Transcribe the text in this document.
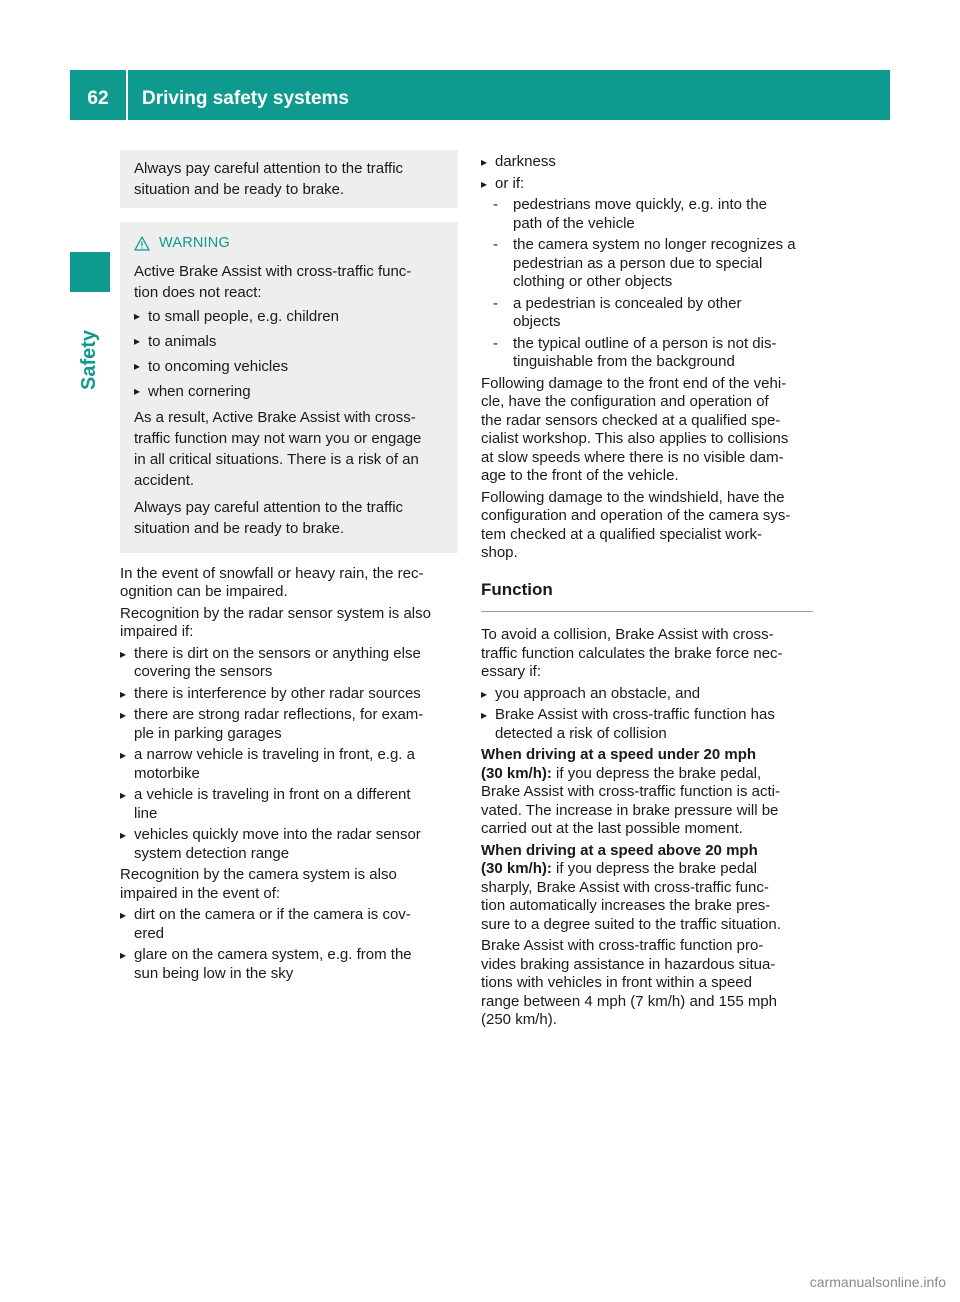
62	Driving safety systems
Safety

Always pay careful attention to the traffic
situation and be ready to brake.

WARNING

Active Brake Assist with cross-traffic func-
tion does not react:

▸ to small people, e.g. children
▸ to animals
▸ to oncoming vehicles
▸ when cornering

As a result, Active Brake Assist with cross-
traffic function may not warn you or engage
in all critical situations. There is a risk of an
accident.

Always pay careful attention to the traffic
situation and be ready to brake.

In the event of snowfall or heavy rain, the rec-
ognition can be impaired.

Recognition by the radar sensor system is also
impaired if:

▸ there is dirt on the sensors or anything else
covering the sensors
▸ there is interference by other radar sources
▸ there are strong radar reflections, for exam-
ple in parking garages
▸ a narrow vehicle is traveling in front, e.g. a
motorbike
▸ a vehicle is traveling in front on a different
line
▸ vehicles quickly move into the radar sensor
system detection range

Recognition by the camera system is also
impaired in the event of:

▸ dirt on the camera or if the camera is cov-
ered
▸ glare on the camera system, e.g. from the
sun being low in the sky
▸ darkness
▸ or if:
- pedestrians move quickly, e.g. into the
path of the vehicle
- the camera system no longer recognizes a
pedestrian as a person due to special
clothing or other objects
- a pedestrian is concealed by other
objects
- the typical outline of a person is not dis-
tinguishable from the background

Following damage to the front end of the vehi-
cle, have the configuration and operation of
the radar sensors checked at a qualified spe-
cialist workshop. This also applies to collisions
at slow speeds where there is no visible dam-
age to the front of the vehicle.

Following damage to the windshield, have the
configuration and operation of the camera sys-
tem checked at a qualified specialist work-
shop.

Function

To avoid a collision, Brake Assist with cross-
traffic function calculates the brake force nec-
essary if:

▸ you approach an obstacle, and
▸ Brake Assist with cross-traffic function has
detected a risk of collision

When driving at a speed under 20 mph
(30 km/h): if you depress the brake pedal,
Brake Assist with cross-traffic function is acti-
vated. The increase in brake pressure will be
carried out at the last possible moment.

When driving at a speed above 20 mph
(30 km/h): if you depress the brake pedal
sharply, Brake Assist with cross-traffic func-
tion automatically increases the brake pres-
sure to a degree suited to the traffic situation.

Brake Assist with cross-traffic function pro-
vides braking assistance in hazardous situa-
tions with vehicles in front within a speed
range between 4 mph (7 km/h) and 155 mph
(250 km/h).

carmanualsonline.info
